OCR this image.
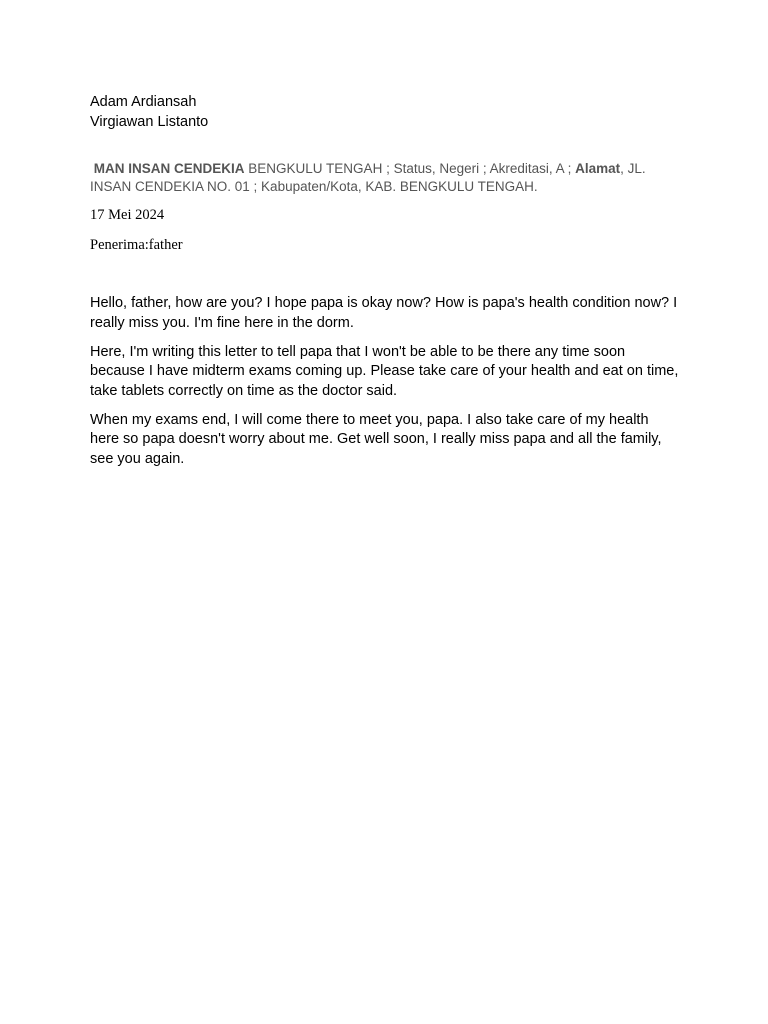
Adam Ardiansah
Virgiawan Listanto
MAN INSAN CENDEKIA BENGKULU TENGAH ; Status, Negeri ; Akreditasi, A ; Alamat, JL. INSAN CENDEKIA NO. 01 ; Kabupaten/Kota, KAB. BENGKULU TENGAH.
17 Mei 2024
Penerima:father

Hello, father, how are you? I hope papa is okay now? How is papa's health condition now? I really miss you. I'm fine here in the dorm.

Here, I'm writing this letter to tell papa that I won't be able to be there any time soon because I have midterm exams coming up. Please take care of your health and eat on time, take tablets correctly on time as the doctor said.

When my exams end, I will come there to meet you, papa. I also take care of my health here so papa doesn't worry about me. Get well soon, I really miss papa and all the family, see you again.
